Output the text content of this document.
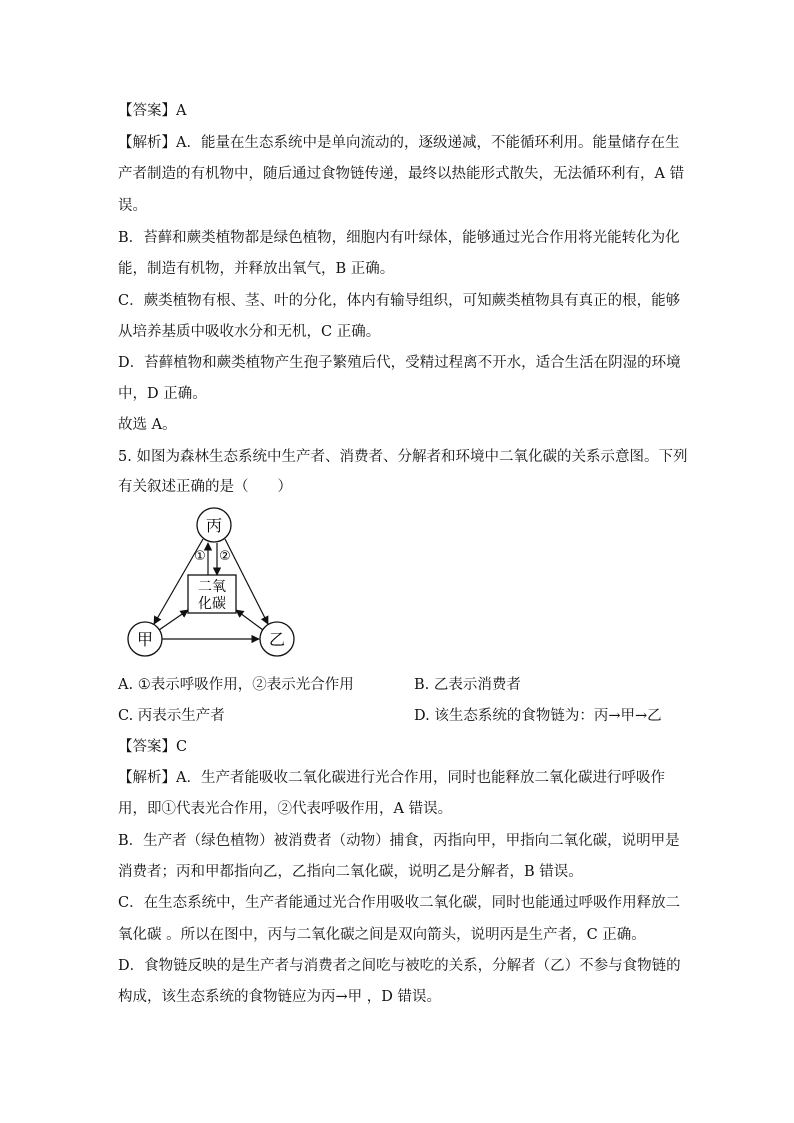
【答案】A
【解析】A．能量在生态系统中是单向流动的，逐级递减，不能循环利用。能量储存在生
产者制造的有机物中，随后通过食物链传递，最终以热能形式散失，无法循环利有，A 错
误。
B．苔藓和蕨类植物都是绿色植物，细胞内有叶绿体，能够通过光合作用将光能转化为化
能，制造有机物，并释放出氧气，B 正确。
C．蕨类植物有根、茎、叶的分化，体内有输导组织，可知蕨类植物具有真正的根，能够
从培养基质中吸收水分和无机，C 正确。
D．苔藓植物和蕨类植物产生孢子繁殖后代，受精过程离不开水，适合生活在阴湿的环境
中，D 正确。
故选 A。
5. 如图为森林生态系统中生产者、消费者、分解者和环境中二氧化碳的关系示意图。下列
有关叙述正确的是（　　）
丙
甲	乙
二氧
化碳
① ②
A. ①表示呼吸作用，②表示光合作用	B. 乙表示消费者
C. 丙表示生产者	D. 该生态系统的食物链为：丙→甲→乙
【答案】C
【解析】A．生产者能吸收二氧化碳进行光合作用，同时也能释放二氧化碳进行呼吸作
用，即①代表光合作用，②代表呼吸作用，A 错误。
B．生产者（绿色植物）被消费者（动物）捕食，丙指向甲，甲指向二氧化碳，说明甲是
消费者；丙和甲都指向乙，乙指向二氧化碳，说明乙是分解者，B 错误。
C．在生态系统中，生产者能通过光合作用吸收二氧化碳，同时也能通过呼吸作用释放二
氧化碳 。所以在图中，丙与二氧化碳之间是双向箭头，说明丙是生产者，C 正确。
D．食物链反映的是生产者与消费者之间吃与被吃的关系，分解者（乙）不参与食物链的
构成，该生态系统的食物链应为丙→甲 ，D 错误。
